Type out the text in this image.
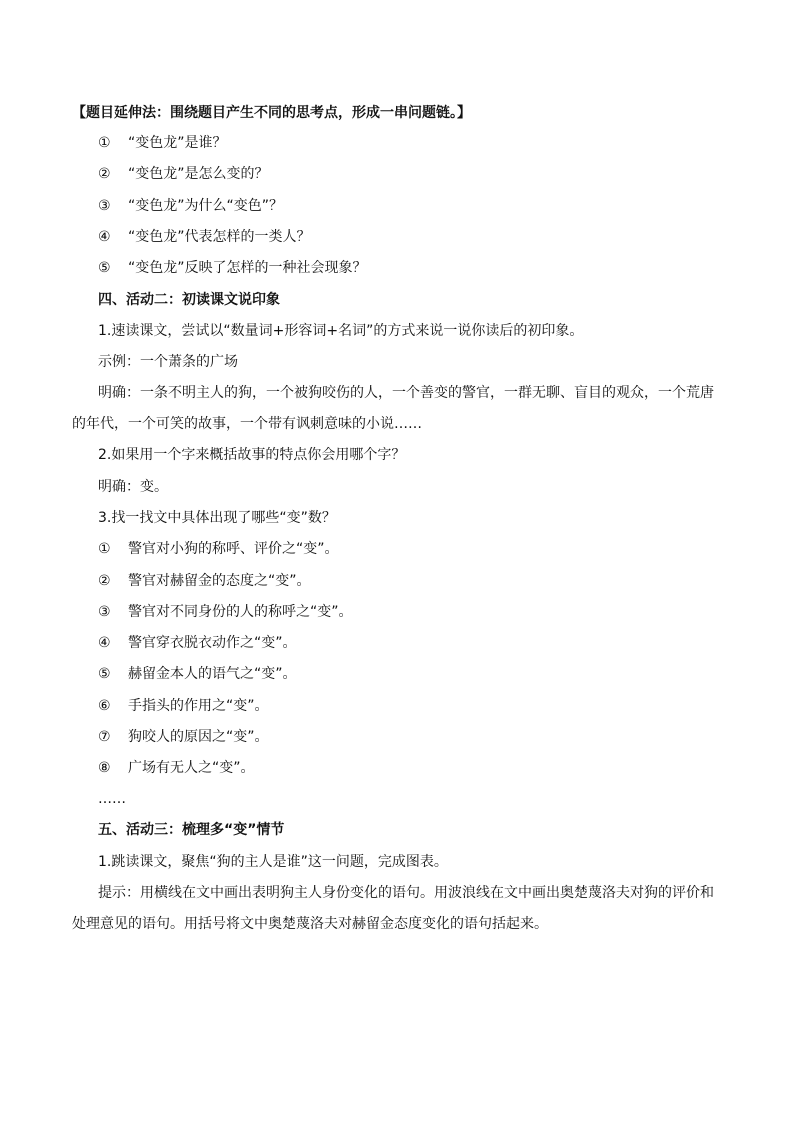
【题目延伸法：围绕题目产生不同的思考点，形成一串问题链。】
① “变色龙”是谁？
② “变色龙”是怎么变的？
③ “变色龙”为什么“变色”？
④ “变色龙”代表怎样的一类人？
⑤ “变色龙”反映了怎样的一种社会现象？
四、活动二：初读课文说印象
1.速读课文，尝试以“数量词+形容词+名词”的方式来说一说你读后的初印象。
示例：一个萧条的广场
明确：一条不明主人的狗，一个被狗咬伤的人，一个善变的警官，一群无聊、盲目的观众，一个荒唐
的年代，一个可笑的故事，一个带有讽刺意味的小说……
2.如果用一个字来概括故事的特点你会用哪个字？
明确：变。
3.找一找文中具体出现了哪些“变”数？
① 警官对小狗的称呼、评价之“变”。
② 警官对赫留金的态度之“变”。
③ 警官对不同身份的人的称呼之“变”。
④ 警官穿衣脱衣动作之“变”。
⑤ 赫留金本人的语气之“变”。
⑥ 手指头的作用之“变”。
⑦ 狗咬人的原因之“变”。
⑧ 广场有无人之“变”。
……
五、活动三：梳理多“变”情节
1.跳读课文，聚焦“狗的主人是谁”这一问题，完成图表。
提示：用横线在文中画出表明狗主人身份变化的语句。用波浪线在文中画出奥楚蔑洛夫对狗的评价和
处理意见的语句。用括号将文中奥楚蔑洛夫对赫留金态度变化的语句括起来。
